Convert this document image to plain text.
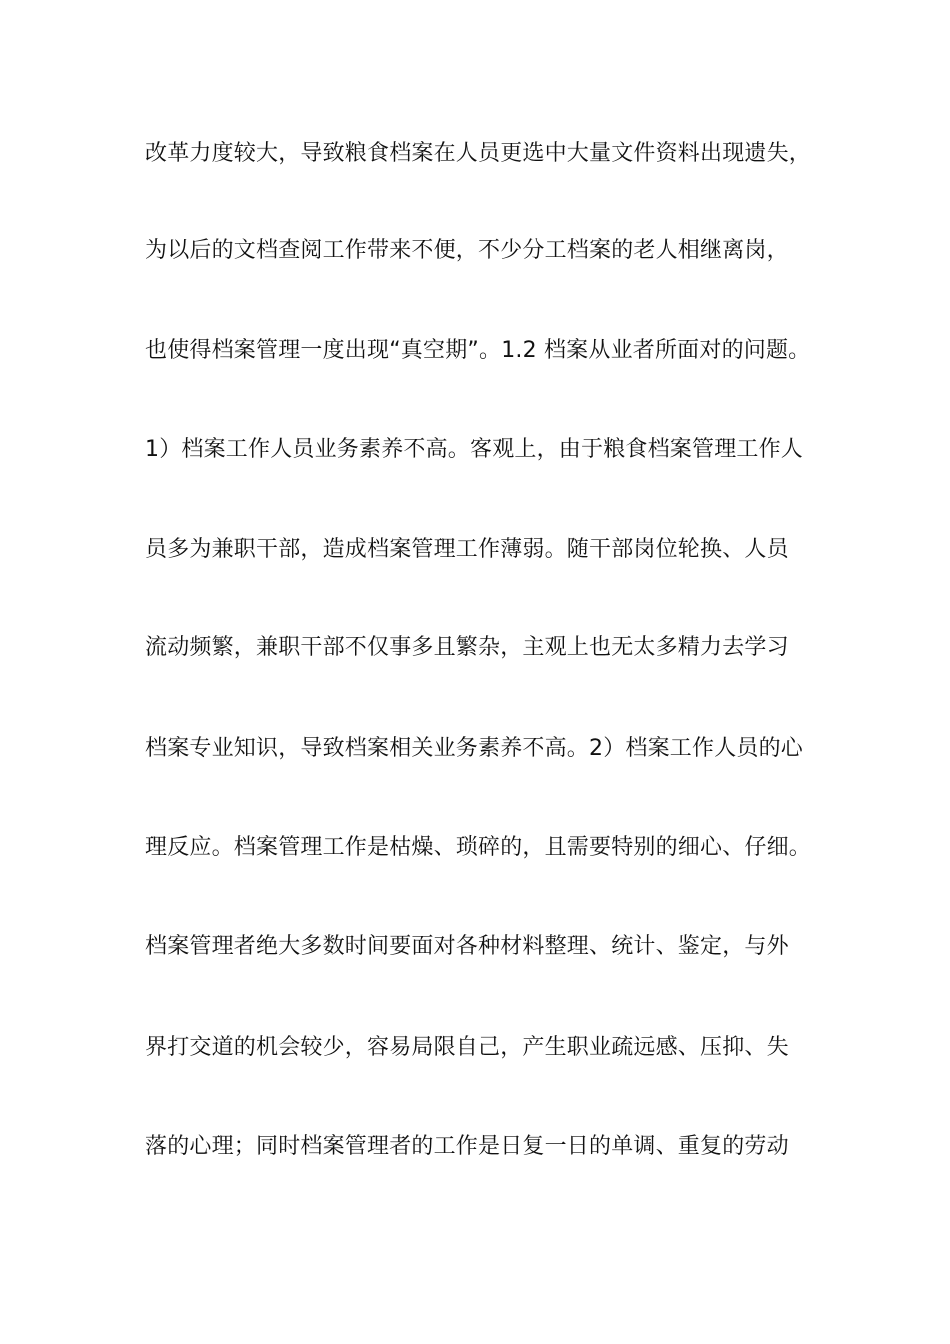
改革力度较大，导致粮食档案在人员更选中大量文件资料出现遗失，
为以后的文档查阅工作带来不便，不少分工档案的老人相继离岗，
也使得档案管理一度出现“真空期”。1.2 档案从业者所面对的问题。
1）档案工作人员业务素养不高。客观上，由于粮食档案管理工作人
员多为兼职干部，造成档案管理工作薄弱。随干部岗位轮换、人员
流动频繁，兼职干部不仅事多且繁杂，主观上也无太多精力去学习
档案专业知识，导致档案相关业务素养不高。2）档案工作人员的心
理反应。档案管理工作是枯燥、琐碎的，且需要特别的细心、仔细。
档案管理者绝大多数时间要面对各种材料整理、统计、鉴定，与外
界打交道的机会较少，容易局限自己，产生职业疏远感、压抑、失
落的心理；同时档案管理者的工作是日复一日的单调、重复的劳动
